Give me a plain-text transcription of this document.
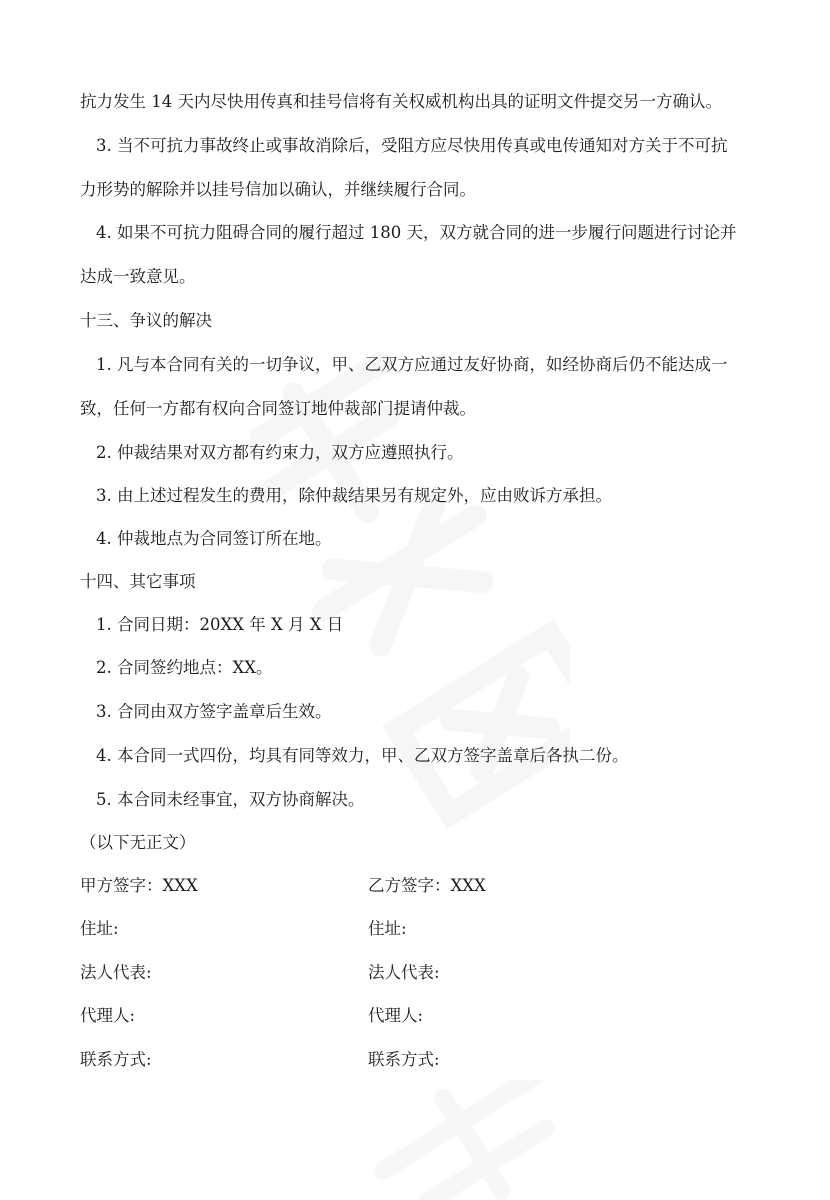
抗力发生 14 天内尽快用传真和挂号信将有关权威机构出具的证明文件提交另一方确认。
3. 当不可抗力事故终止或事故消除后，受阻方应尽快用传真或电传通知对方关于不可抗
力形势的解除并以挂号信加以确认，并继续履行合同。
4. 如果不可抗力阻碍合同的履行超过 180 天，双方就合同的进一步履行问题进行讨论并
达成一致意见。
十三、争议的解决
1. 凡与本合同有关的一切争议，甲、乙双方应通过友好协商，如经协商后仍不能达成一
致，任何一方都有权向合同签订地仲裁部门提请仲裁。
2. 仲裁结果对双方都有约束力，双方应遵照执行。
3. 由上述过程发生的费用，除仲裁结果另有规定外，应由败诉方承担。
4. 仲裁地点为合同签订所在地。
十四、其它事项
1. 合同日期：20XX 年 X 月 X 日
2. 合同签约地点：XX。
3. 合同由双方签字盖章后生效。
4. 本合同一式四份，均具有同等效力，甲、乙双方签字盖章后各执二份。
5. 本合同未经事宜，双方协商解决。
（以下无正文）
甲方签字：XXX	乙方签字：XXX
住址:	住址:
法人代表:	法人代表:
代理人:	代理人:
联系方式:	联系方式:
